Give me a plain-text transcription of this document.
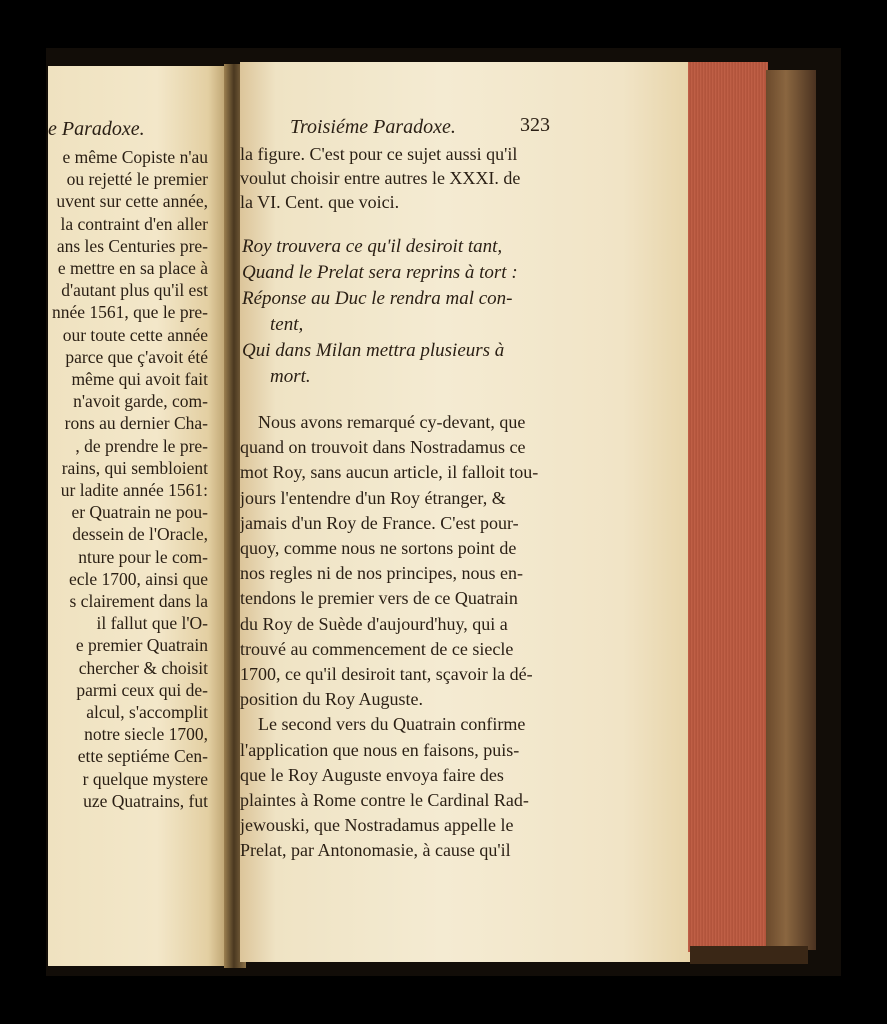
e Paradoxe.
e même Copiste n'au
ou rejetté le premier
uvent sur cette année,
la contraint d'en aller
ans les Centuries pre-
e mettre en sa place à
d'autant plus qu'il est
nnée 1561, que le pre-
our toute cette année
parce que ç'avoit été
même qui avoit fait
n'avoit garde, com-
rons au dernier Cha-
, de prendre le pre-
rains, qui sembloient
ur ladite année 1561:
er Quatrain ne pou-
dessein de l'Oracle,
nture pour le com-
ecle 1700, ainsi que
s clairement dans la
il fallut que l'O-
e premier Quatrain
chercher & choisit
parmi ceux qui de-
alcul, s'accomplit
notre siecle 1700,
ette septiéme Cen-
r quelque mystere
uze Quatrains, fut
Troisiéme Paradoxe.	323
la figure. C'est pour ce sujet aussi qu'il
voulut choisir entre autres le XXXI. de
la VI. Cent. que voici.
Roy trouvera ce qu'il desiroit tant,
Quand le Prelat sera reprins à tort :
Réponse au Duc le rendra mal con-
tent,
Qui dans Milan mettra plusieurs à
mort.
Nous avons remarqué cy-devant, que
quand on trouvoit dans Nostradamus ce
mot Roy, sans aucun article, il falloit tou-
jours l'entendre d'un Roy étranger, &
jamais d'un Roy de France. C'est pour-
quoy, comme nous ne sortons point de
nos regles ni de nos principes, nous en-
tendons le premier vers de ce Quatrain
du Roy de Suède d'aujourd'huy, qui a
trouvé au commencement de ce siecle
1700, ce qu'il desiroit tant, sçavoir la dé-
position du Roy Auguste.
Le second vers du Quatrain confirme
l'application que nous en faisons, puis-
que le Roy Auguste envoya faire des
plaintes à Rome contre le Cardinal Rad-
jewouski, que Nostradamus appelle le
Prelat, par Antonomasie, à cause qu'il
